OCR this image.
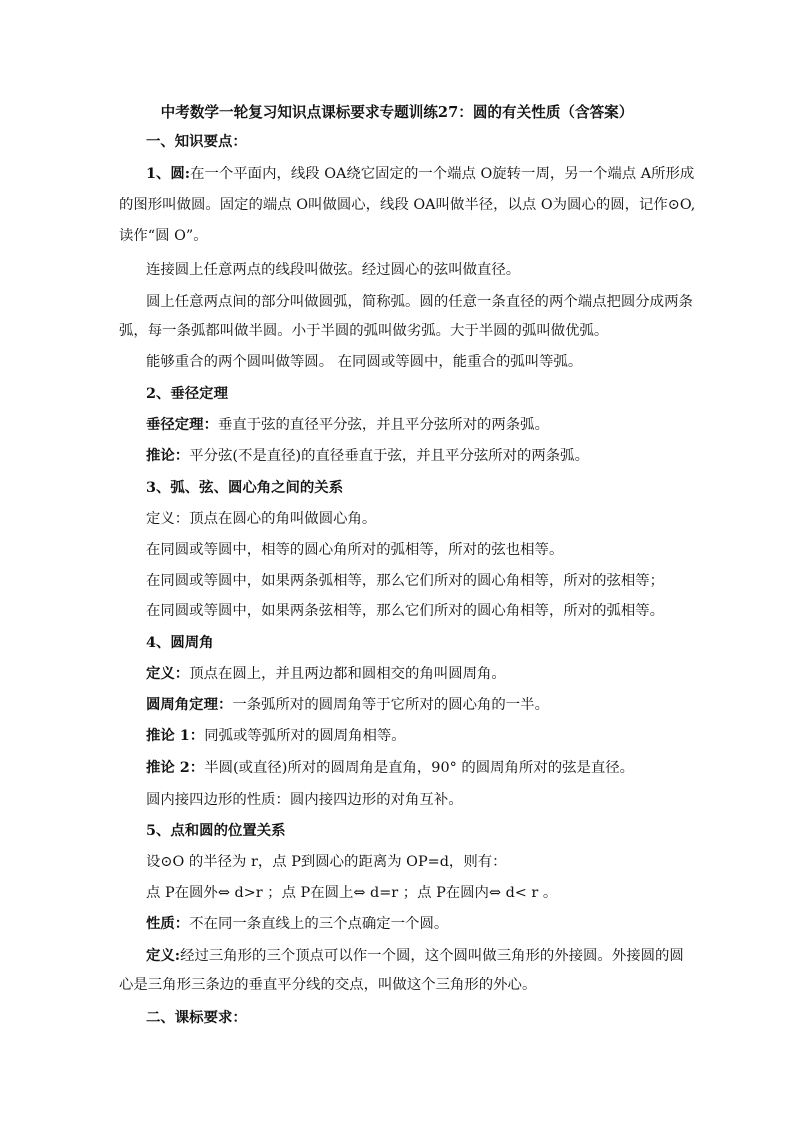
中考数学一轮复习知识点课标要求专题训练27：圆的有关性质（含答案）
一、知识要点：
1、圆:在一个平面内，线段 OA绕它固定的一个端点 O旋转一周，另一个端点 A所形成
的图形叫做圆。固定的端点 O叫做圆心，线段 OA叫做半径，以点 O为圆心的圆，记作⊙O,
读作“圆 O”。
连接圆上任意两点的线段叫做弦。经过圆心的弦叫做直径。
圆上任意两点间的部分叫做圆弧，简称弧。圆的任意一条直径的两个端点把圆分成两条
弧，每一条弧都叫做半圆。小于半圆的弧叫做劣弧。大于半圆的弧叫做优弧。
能够重合的两个圆叫做等圆。 在同圆或等圆中，能重合的弧叫等弧。
2、垂径定理
垂径定理：垂直于弦的直径平分弦，并且平分弦所对的两条弧。
推论：平分弦(不是直径)的直径垂直于弦，并且平分弦所对的两条弧。
3、弧、弦、圆心角之间的关系
定义：顶点在圆心的角叫做圆心角。
在同圆或等圆中，相等的圆心角所对的弧相等，所对的弦也相等。
在同圆或等圆中，如果两条弧相等，那么它们所对的圆心角相等，所对的弦相等；
在同圆或等圆中，如果两条弦相等，那么它们所对的圆心角相等，所对的弧相等。
4、圆周角
定义：顶点在圆上，并且两边都和圆相交的角叫圆周角。
圆周角定理：一条弧所对的圆周角等于它所对的圆心角的一半。
推论 1：同弧或等弧所对的圆周角相等。
推论 2：半圆(或直径)所对的圆周角是直角，90° 的圆周角所对的弦是直径。
圆内接四边形的性质：圆内接四边形的对角互补。
5、点和圆的位置关系
设⊙O 的半径为 r，点 P到圆心的距离为 OP=d，则有：
点 P在圆外⇔ d>r ；点 P在圆上⇔ d=r ；点 P在圆内⇔ d< r 。
性质：不在同一条直线上的三个点确定一个圆。
定义:经过三角形的三个顶点可以作一个圆，这个圆叫做三角形的外接圆。外接圆的圆
心是三角形三条边的垂直平分线的交点，叫做这个三角形的外心。
二、课标要求：
